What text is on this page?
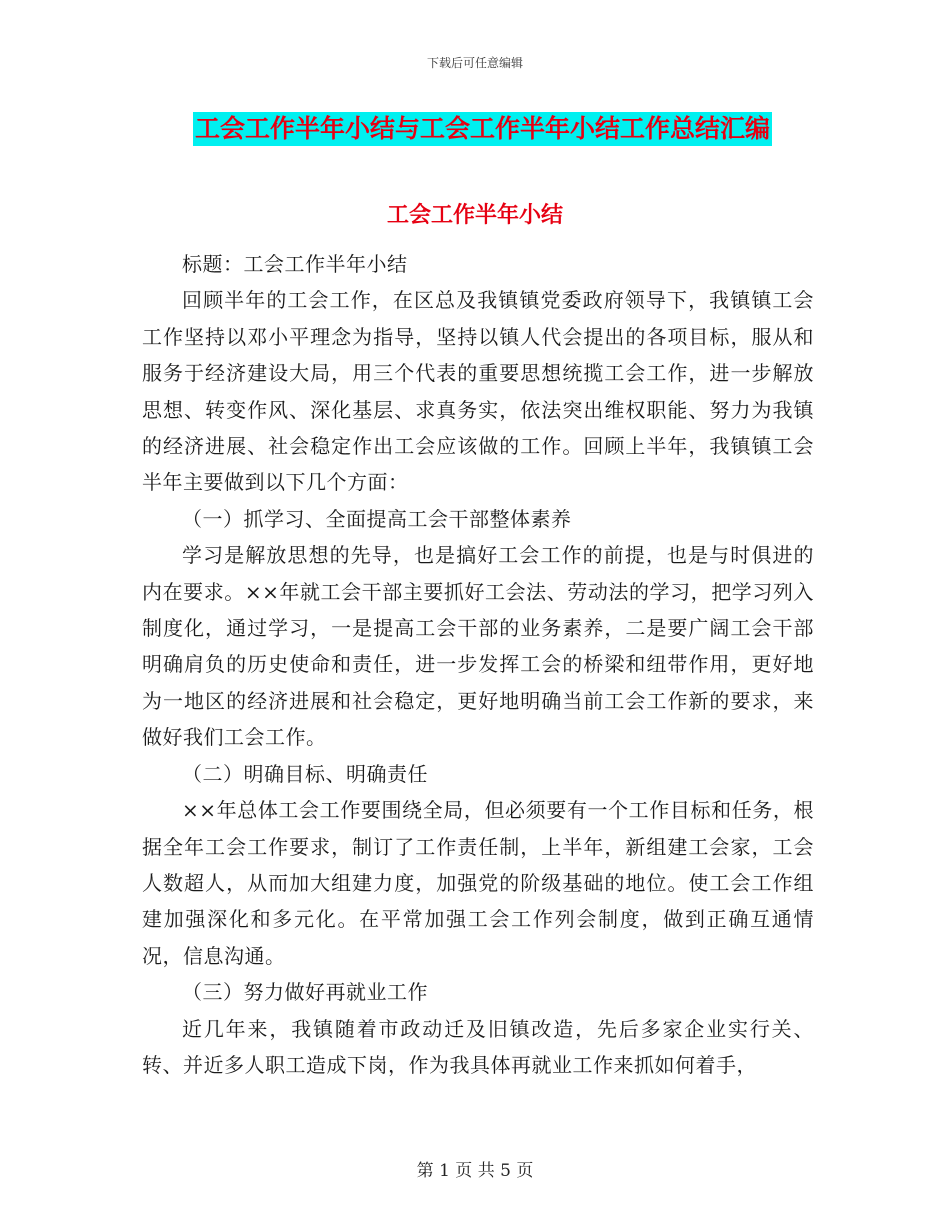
下载后可任意编辑
工会工作半年小结与工会工作半年小结工作总结汇编
工会工作半年小结

标题：工会工作半年小结

回顾半年的工会工作，在区总及我镇镇党委政府领导下，我镇镇工会工作坚持以邓小平理念为指导，坚持以镇人代会提出的各项目标，服从和服务于经济建设大局，用三个代表的重要思想统揽工会工作，进一步解放思想、转变作风、深化基层、求真务实，依法突出维权职能、努力为我镇的经济进展、社会稳定作出工会应该做的工作。回顾上半年，我镇镇工会半年主要做到以下几个方面：

（一）抓学习、全面提高工会干部整体素养

学习是解放思想的先导，也是搞好工会工作的前提，也是与时俱进的内在要求。××年就工会干部主要抓好工会法、劳动法的学习，把学习列入制度化，通过学习，一是提高工会干部的业务素养，二是要广阔工会干部明确肩负的历史使命和责任，进一步发挥工会的桥梁和纽带作用，更好地为一地区的经济进展和社会稳定，更好地明确当前工会工作新的要求，来做好我们工会工作。

（二）明确目标、明确责任

××年总体工会工作要围绕全局，但必须要有一个工作目标和任务，根据全年工会工作要求，制订了工作责任制，上半年，新组建工会家，工会人数超人，从而加大组建力度，加强党的阶级基础的地位。使工会工作组建加强深化和多元化。在平常加强工会工作列会制度，做到正确互通情况，信息沟通。

（三）努力做好再就业工作

近几年来，我镇随着市政动迁及旧镇改造，先后多家企业实行关、转、并近多人职工造成下岗，作为我具体再就业工作来抓如何着手，

第 1 页 共 5 页
